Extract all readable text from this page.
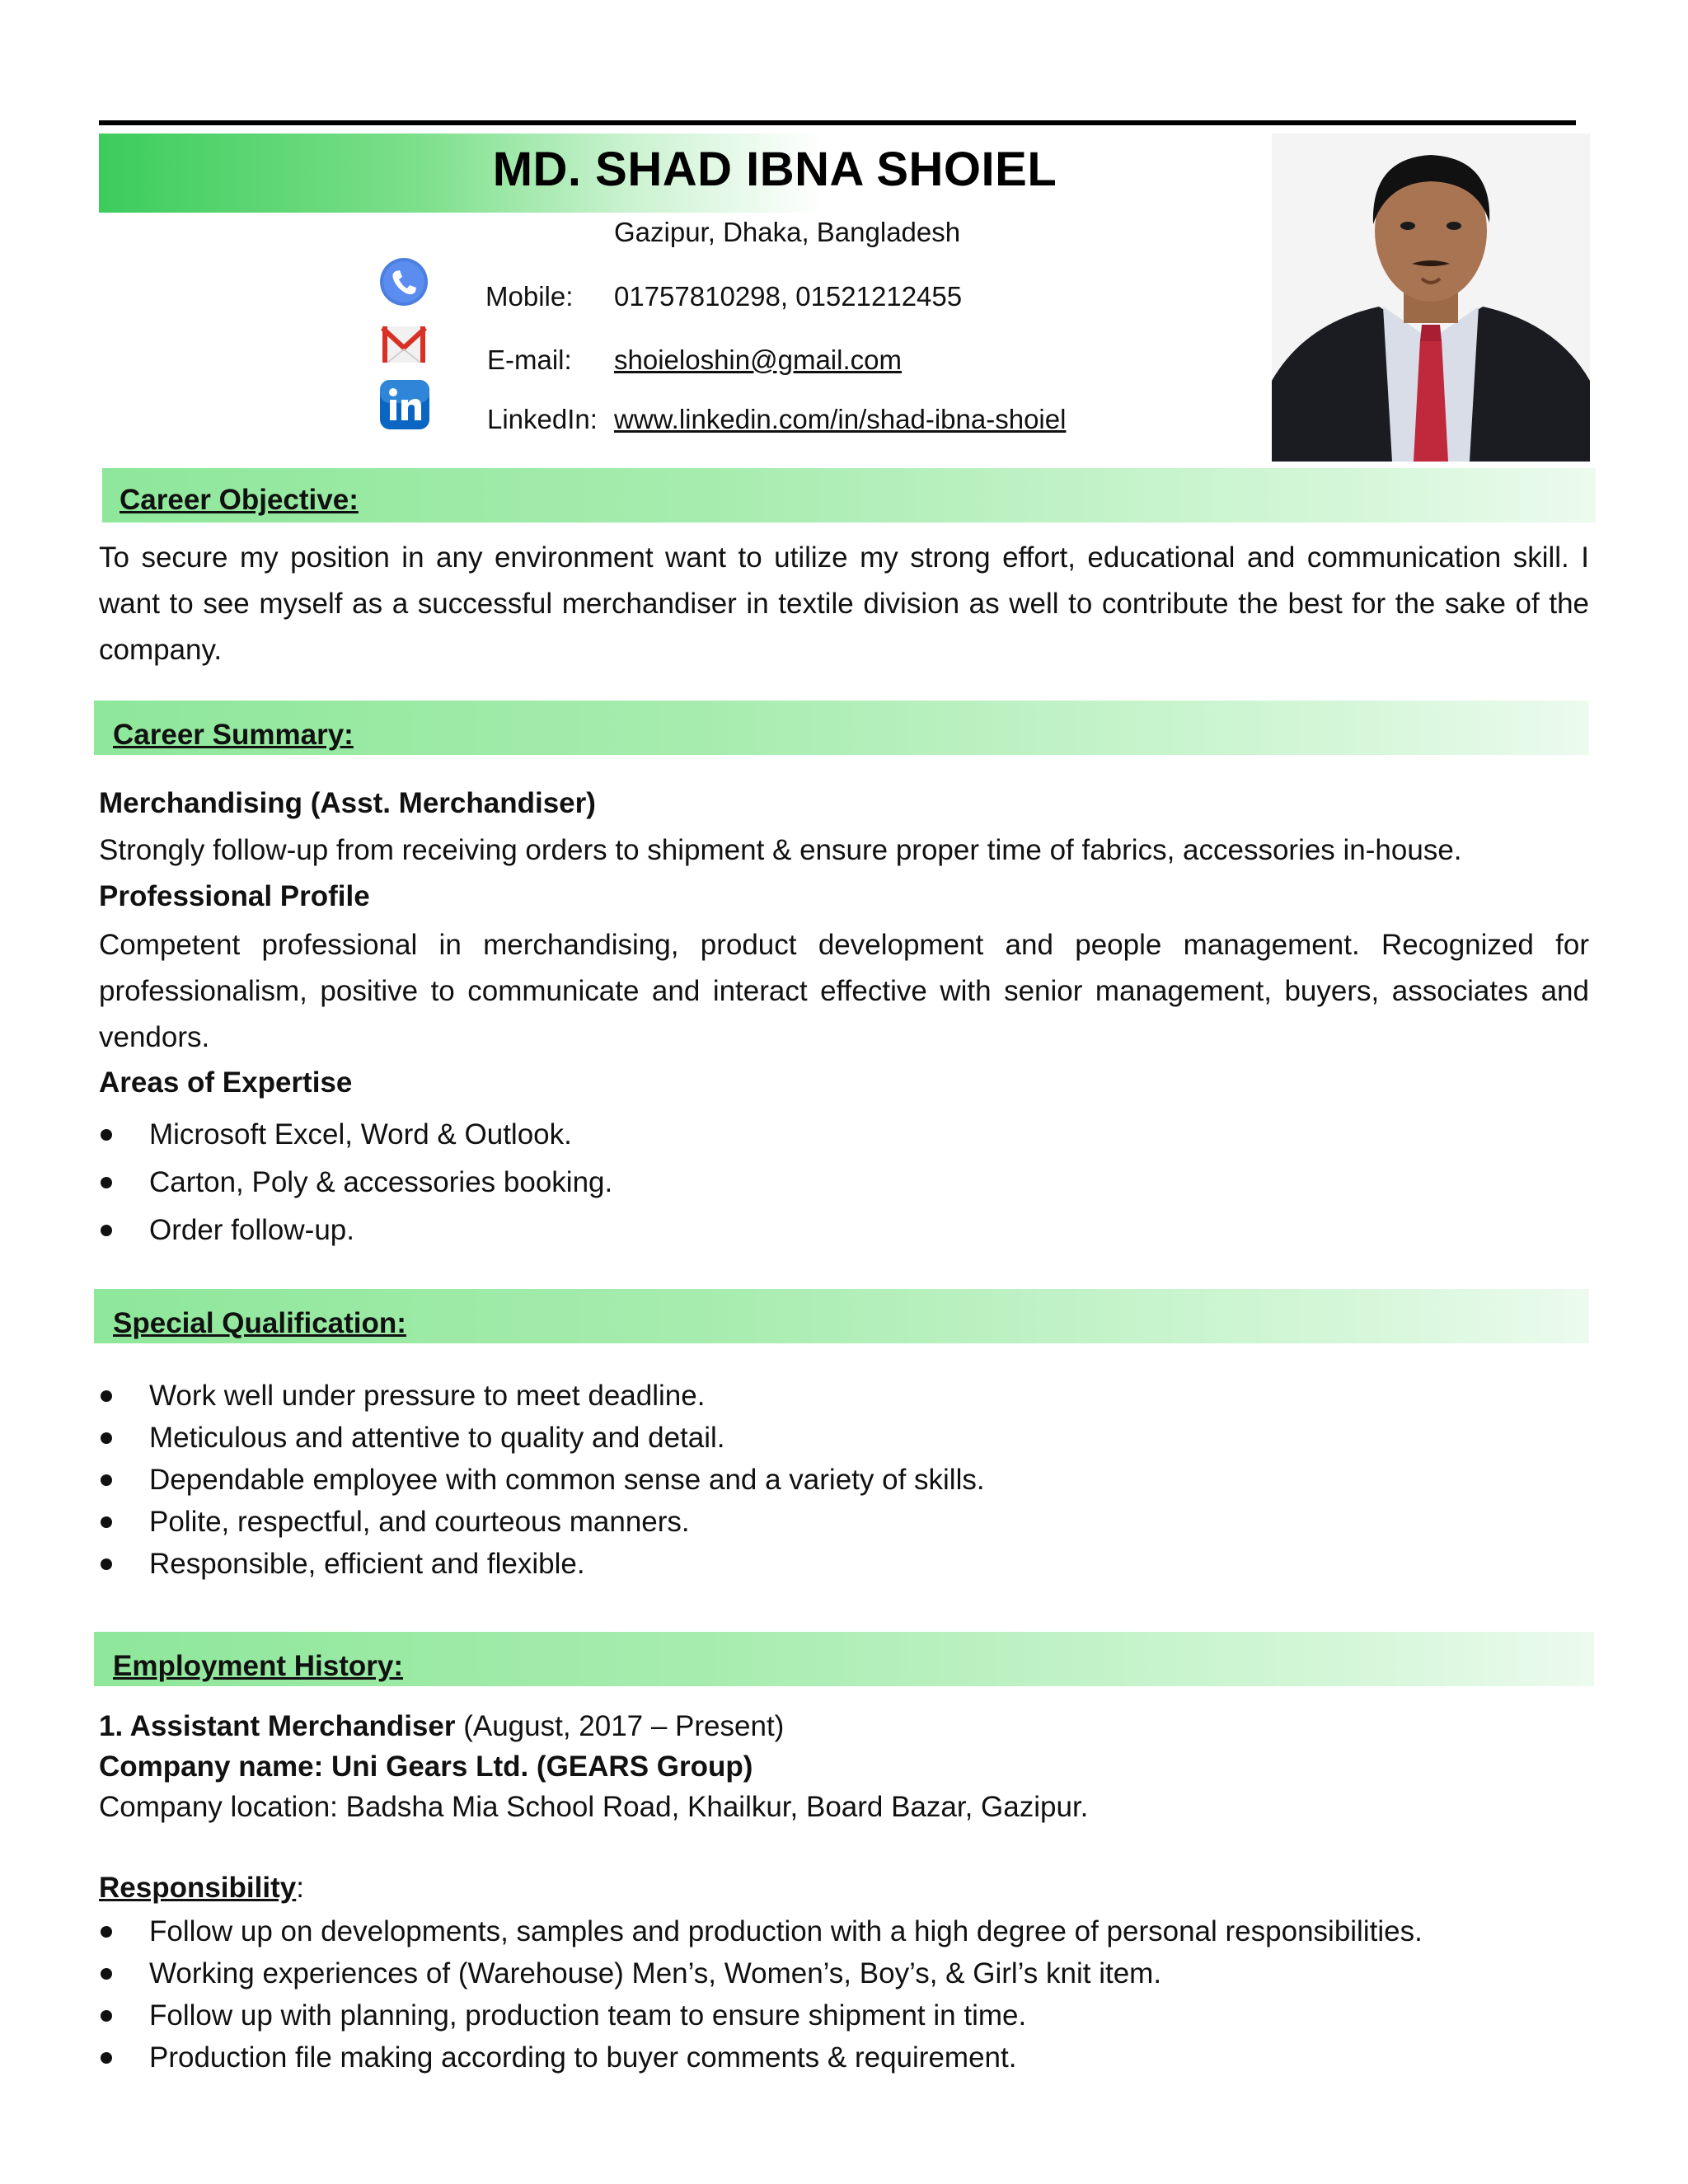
MD. SHAD IBNA SHOIEL
Gazipur, Dhaka, Bangladesh
Mobile: 01757810298, 01521212455
E-mail: shoieloshin@gmail.com
LinkedIn: www.linkedin.com/in/shad-ibna-shoiel
Career Objective:
To secure my position in any environment want to utilize my strong effort, educational and communication skill. I want to see myself as a successful merchandiser in textile division as well to contribute the best for the sake of the company.
Career Summary:
Merchandising (Asst. Merchandiser)
Strongly follow-up from receiving orders to shipment & ensure proper time of fabrics, accessories in-house.
Professional Profile
Competent professional in merchandising, product development and people management. Recognized for professionalism, positive to communicate and interact effective with senior management, buyers, associates and vendors.
Areas of Expertise
Microsoft Excel, Word & Outlook.
Carton, Poly & accessories booking.
Order follow-up.
Special Qualification:
Work well under pressure to meet deadline.
Meticulous and attentive to quality and detail.
Dependable employee with common sense and a variety of skills.
Polite, respectful, and courteous manners.
Responsible, efficient and flexible.
Employment History:
1. Assistant Merchandiser (August, 2017 – Present)
Company name: Uni Gears Ltd. (GEARS Group)
Company location: Badsha Mia School Road, Khailkur, Board Bazar, Gazipur.
Responsibility:
Follow up on developments, samples and production with a high degree of personal responsibilities.
Working experiences of (Warehouse) Men’s, Women’s, Boy’s, & Girl’s knit item.
Follow up with planning, production team to ensure shipment in time.
Production file making according to buyer comments & requirement.
